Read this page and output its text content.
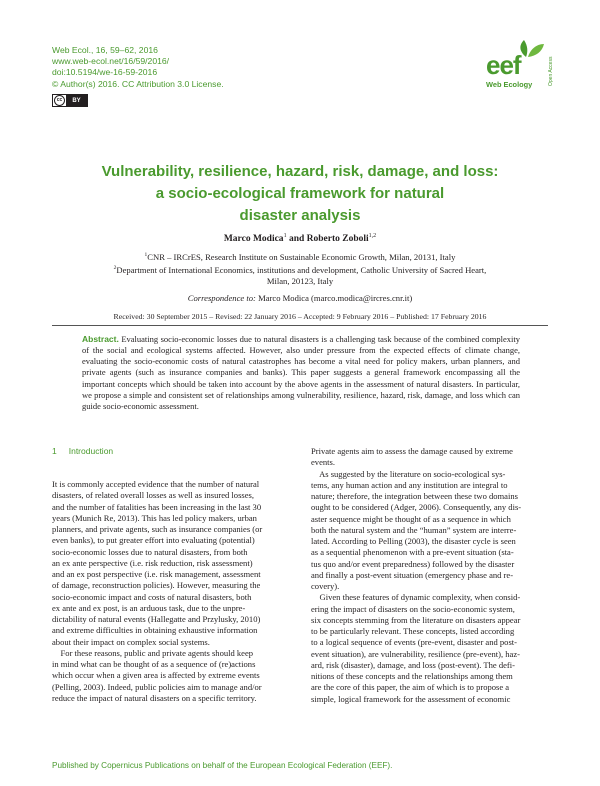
Web Ecol., 16, 59–62, 2016
www.web-ecol.net/16/59/2016/
doi:10.5194/we-16-59-2016
© Author(s) 2016. CC Attribution 3.0 License.
cc	BY
eef
Web Ecology	Open Access
Vulnerability, resilience, hazard, risk, damage, and loss:
a socio-ecological framework for natural
disaster analysis
Marco Modica$^1$ and Roberto Zoboli$^{1,2}$
$^1$CNR – IRCrES, Research Institute on Sustainable Economic Growth, Milan, 20131, Italy
$^2$Department of International Economics, institutions and development, Catholic University of Sacred Heart,
Milan, 20123, Italy
Correspondence to: Marco Modica (marco.modica@ircres.cnr.it)
Received: 30 September 2015 – Revised: 22 January 2016 – Accepted: 9 February 2016 – Published: 17 February 2016
Abstract. Evaluating socio-economic losses due to natural disasters is a challenging task because of the combined complexity of the social and ecological systems affected. However, also under pressure from the expected effects of climate change, evaluating the socio-economic costs of natural catastrophes has become a vital need for policy makers, urban planners, and private agents (such as insurance companies and banks). This paper suggests a general framework encompassing all the important concepts which should be taken into account by the above agents in the assessment of natural disasters. In particular, we propose a simple and consistent set of relationships among vulnerability, resilience, hazard, risk, damage, and loss which can guide socio-economic assessment.
1 Introduction
It is commonly accepted evidence that the number of natural
disasters, of related overall losses as well as insured losses,
and the number of fatalities has been increasing in the last 30
years (Munich Re, 2013). This has led policy makers, urban
planners, and private agents, such as insurance companies (or
even banks), to put greater effort into evaluating (potential)
socio-economic losses due to natural disasters, from both
an ex ante perspective (i.e. risk reduction, risk assessment)
and an ex post perspective (i.e. risk management, assessment
of damage, reconstruction policies). However, measuring the
socio-economic impact and costs of natural disasters, both
ex ante and ex post, is an arduous task, due to the unpre-
dictability of natural events (Hallegatte and Przylusky, 2010)
and extreme difficulties in obtaining exhaustive information
about their impact on complex social systems.
For these reasons, public and private agents should keep
in mind what can be thought of as a sequence of (re)actions
which occur when a given area is affected by extreme events
(Pelling, 2003). Indeed, public policies aim to manage and/or
reduce the impact of natural disasters on a specific territory.
Private agents aim to assess the damage caused by extreme
events.
As suggested by the literature on socio-ecological sys-
tems, any human action and any institution are integral to
nature; therefore, the integration between these two domains
ought to be considered (Adger, 2006). Consequently, any dis-
aster sequence might be thought of as a sequence in which
both the natural system and the “human” system are interre-
lated. According to Pelling (2003), the disaster cycle is seen
as a sequential phenomenon with a pre-event situation (sta-
tus quo and/or event preparedness) followed by the disaster
and finally a post-event situation (emergency phase and re-
covery).
Given these features of dynamic complexity, when consid-
ering the impact of disasters on the socio-economic system,
six concepts stemming from the literature on disasters appear
to be particularly relevant. These concepts, listed according
to a logical sequence of events (pre-event, disaster and post-
event situation), are vulnerability, resilience (pre-event), haz-
ard, risk (disaster), damage, and loss (post-event). The defi-
nitions of these concepts and the relationships among them
are the core of this paper, the aim of which is to propose a
simple, logical framework for the assessment of economic
Published by Copernicus Publications on behalf of the European Ecological Federation (EEF).
